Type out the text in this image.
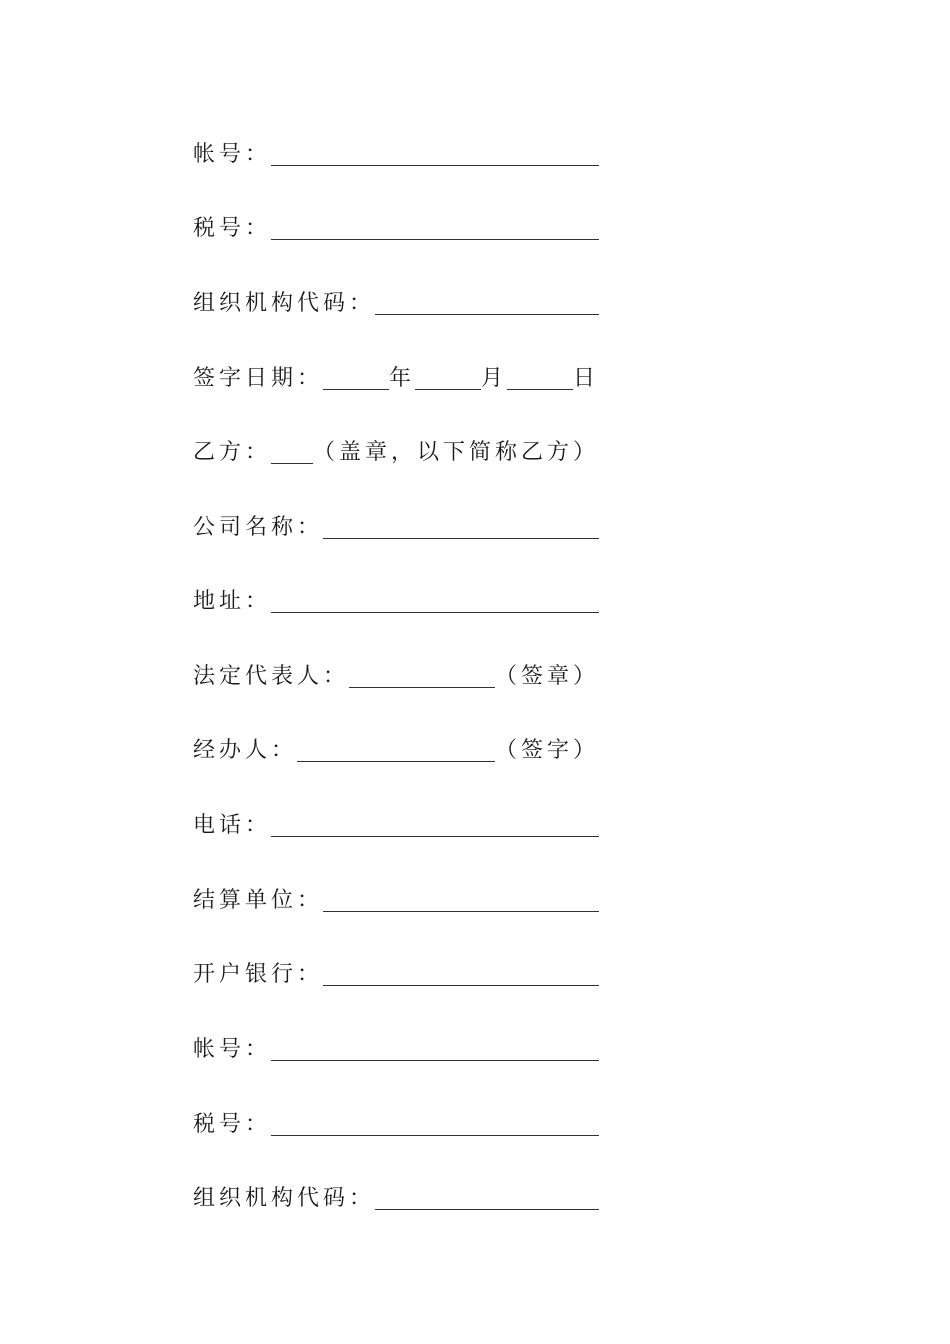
帐号：
税号：
组织机构代码：
签字日期：	年	月	日
乙方： （盖章，以下简称乙方）
公司名称：
地址：
法定代表人：	（签章）
经办人：	（签字）
电话：
结算单位：
开户银行：
帐号：
税号：
组织机构代码：
